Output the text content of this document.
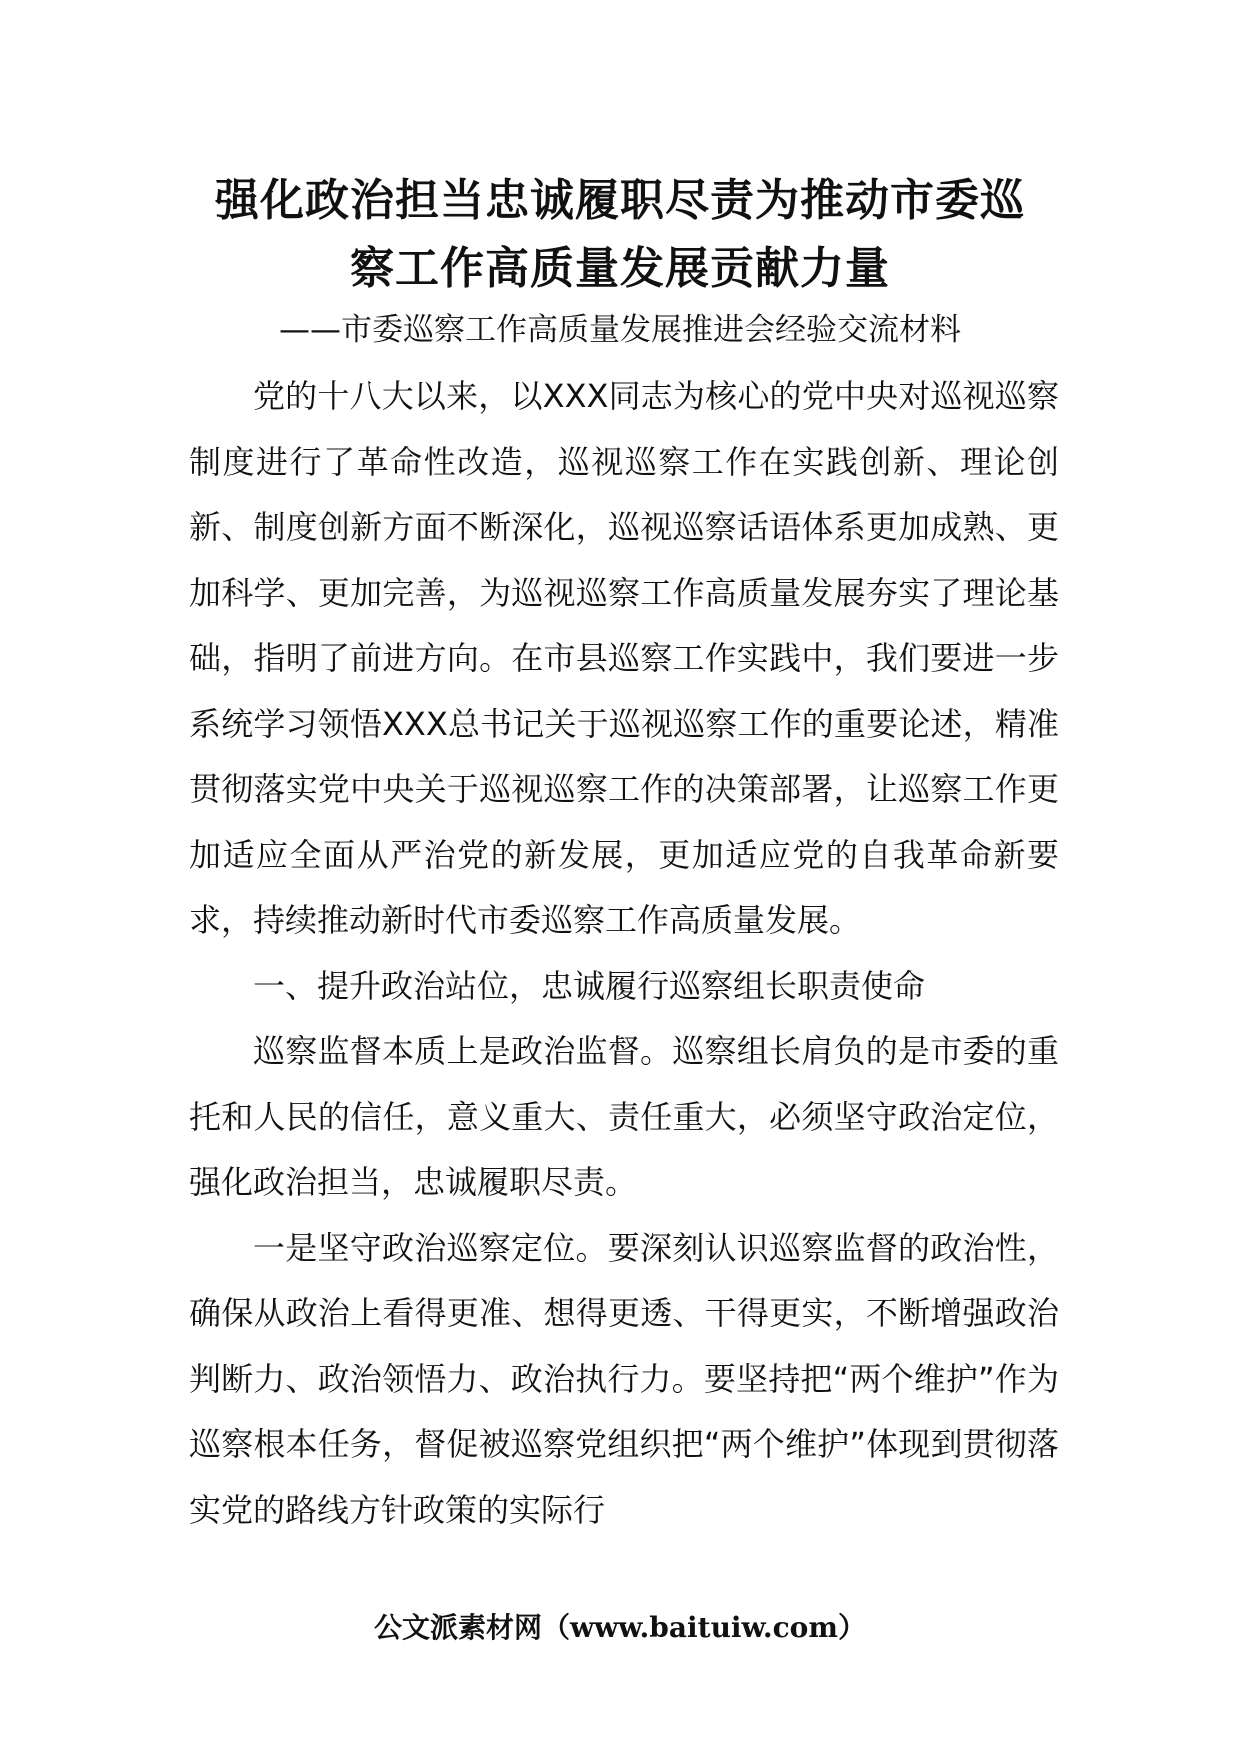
强化政治担当忠诚履职尽责为推动市委巡
察工作高质量发展贡献力量
——市委巡察工作高质量发展推进会经验交流材料

党的十八大以来，以XXX同志为核心的党中央对巡视巡察制度进行了革命性改造，巡视巡察工作在实践创新、理论创新、制度创新方面不断深化，巡视巡察话语体系更加成熟、更加科学、更加完善，为巡视巡察工作高质量发展夯实了理论基础，指明了前进方向。在市县巡察工作实践中，我们要进一步系统学习领悟XXX总书记关于巡视巡察工作的重要论述，精准贯彻落实党中央关于巡视巡察工作的决策部署，让巡察工作更加适应全面从严治党的新发展，更加适应党的自我革命新要求，持续推动新时代市委巡察工作高质量发展。

一、提升政治站位，忠诚履行巡察组长职责使命

巡察监督本质上是政治监督。巡察组长肩负的是市委的重托和人民的信任，意义重大、责任重大，必须坚守政治定位，强化政治担当，忠诚履职尽责。

一是坚守政治巡察定位。要深刻认识巡察监督的政治性，确保从政治上看得更准、想得更透、干得更实，不断增强政治判断力、政治领悟力、政治执行力。要坚持把“两个维护”作为巡察根本任务，督促被巡察党组织把“两个维护”体现到贯彻落实党的路线方针政策的实际行

公文派素材网（www.baituiw.com）
